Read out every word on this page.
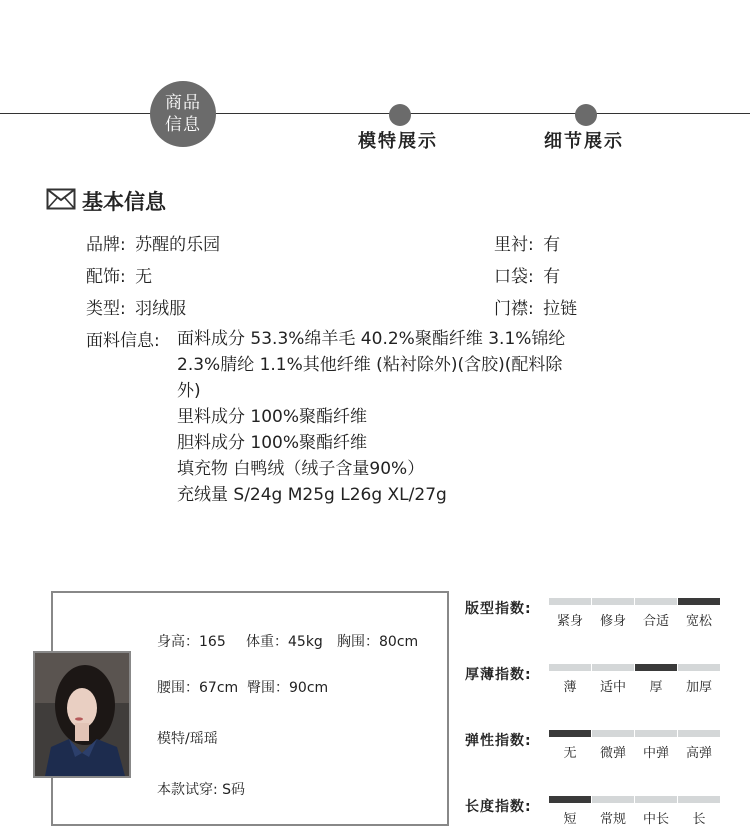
商品
信息
模特展示	细节展示
基本信息
品牌: 苏醒的乐园
配饰: 无
类型: 羽绒服
里衬: 有
口袋: 有
门襟: 拉链
面料信息: 面料成分 53.3%绵羊毛 40.2%聚酯纤维 3.1%锦纶
2.3%腈纶 1.1%其他纤维 (粘衬除外)(含胶)(配料除
外)
里料成分 100%聚酯纤维
胆料成分 100%聚酯纤维
填充物 白鸭绒（绒子含量90%）
充绒量 S/24g M25g L26g XL/27g
身高：165 体重：45kg 胸围：80cm
腰围：67cm 臀围：90cm
模特/瑶瑶
本款试穿: S码
版型指数:
紧身	修身	合适	宽松
厚薄指数:
薄	适中	厚	加厚
弹性指数:
无	微弹	中弹	高弹
长度指数:
短	常规	中长	长
